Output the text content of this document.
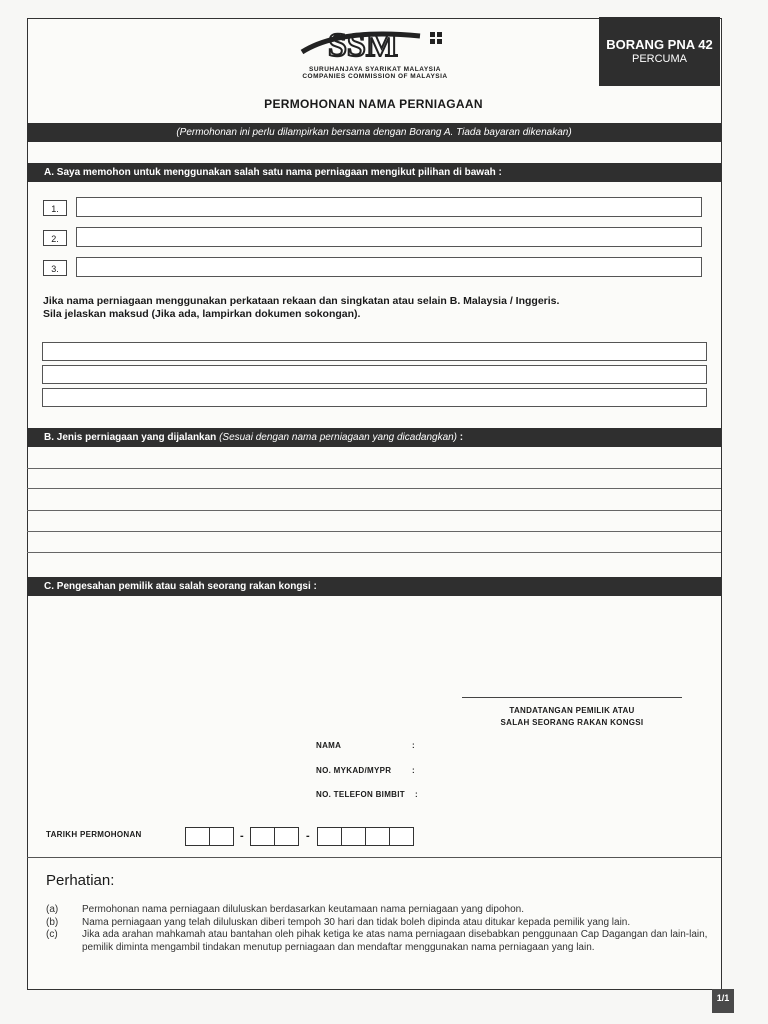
SSM
SURUHANJAYA SYARIKAT MALAYSIA
COMPANIES COMMISSION OF MALAYSIA
BORANG PNA 42
PERCUMA
PERMOHONAN NAMA PERNIAGAAN
(Permohonan ini perlu dilampirkan bersama dengan Borang A. Tiada bayaran dikenakan)
A. Saya memohon untuk menggunakan salah satu nama perniagaan mengikut pilihan di bawah :
1.
2.
3.
Jika nama perniagaan menggunakan perkataan rekaan dan singkatan atau selain B. Malaysia / Inggeris.
Sila jelaskan maksud (Jika ada, lampirkan dokumen sokongan).
B. Jenis perniagaan yang dijalankan (Sesuai dengan nama perniagaan yang dicadangkan) :
C. Pengesahan pemilik atau salah seorang rakan kongsi :
TANDATANGAN PEMILIK ATAU
SALAH SEORANG RAKAN KONGSI
NAMA	:
NO. MYKAD/MYPR	:
NO. TELEFON BIMBIT :
TARIKH PERMOHONAN	-	-
Perhatian:
(a)	Permohonan nama perniagaan diluluskan berdasarkan keutamaan nama perniagaan yang dipohon.
(b)	Nama perniagaan yang telah diluluskan diberi tempoh 30 hari dan tidak boleh dipinda atau ditukar kepada pemilik yang lain.
(c)	Jika ada arahan mahkamah atau bantahan oleh pihak ketiga ke atas nama perniagaan disebabkan penggunaan Cap Dagangan dan lain-lain, pemilik diminta mengambil tindakan menutup perniagaan dan mendaftar menggunakan nama perniagaan yang lain.
1/1
